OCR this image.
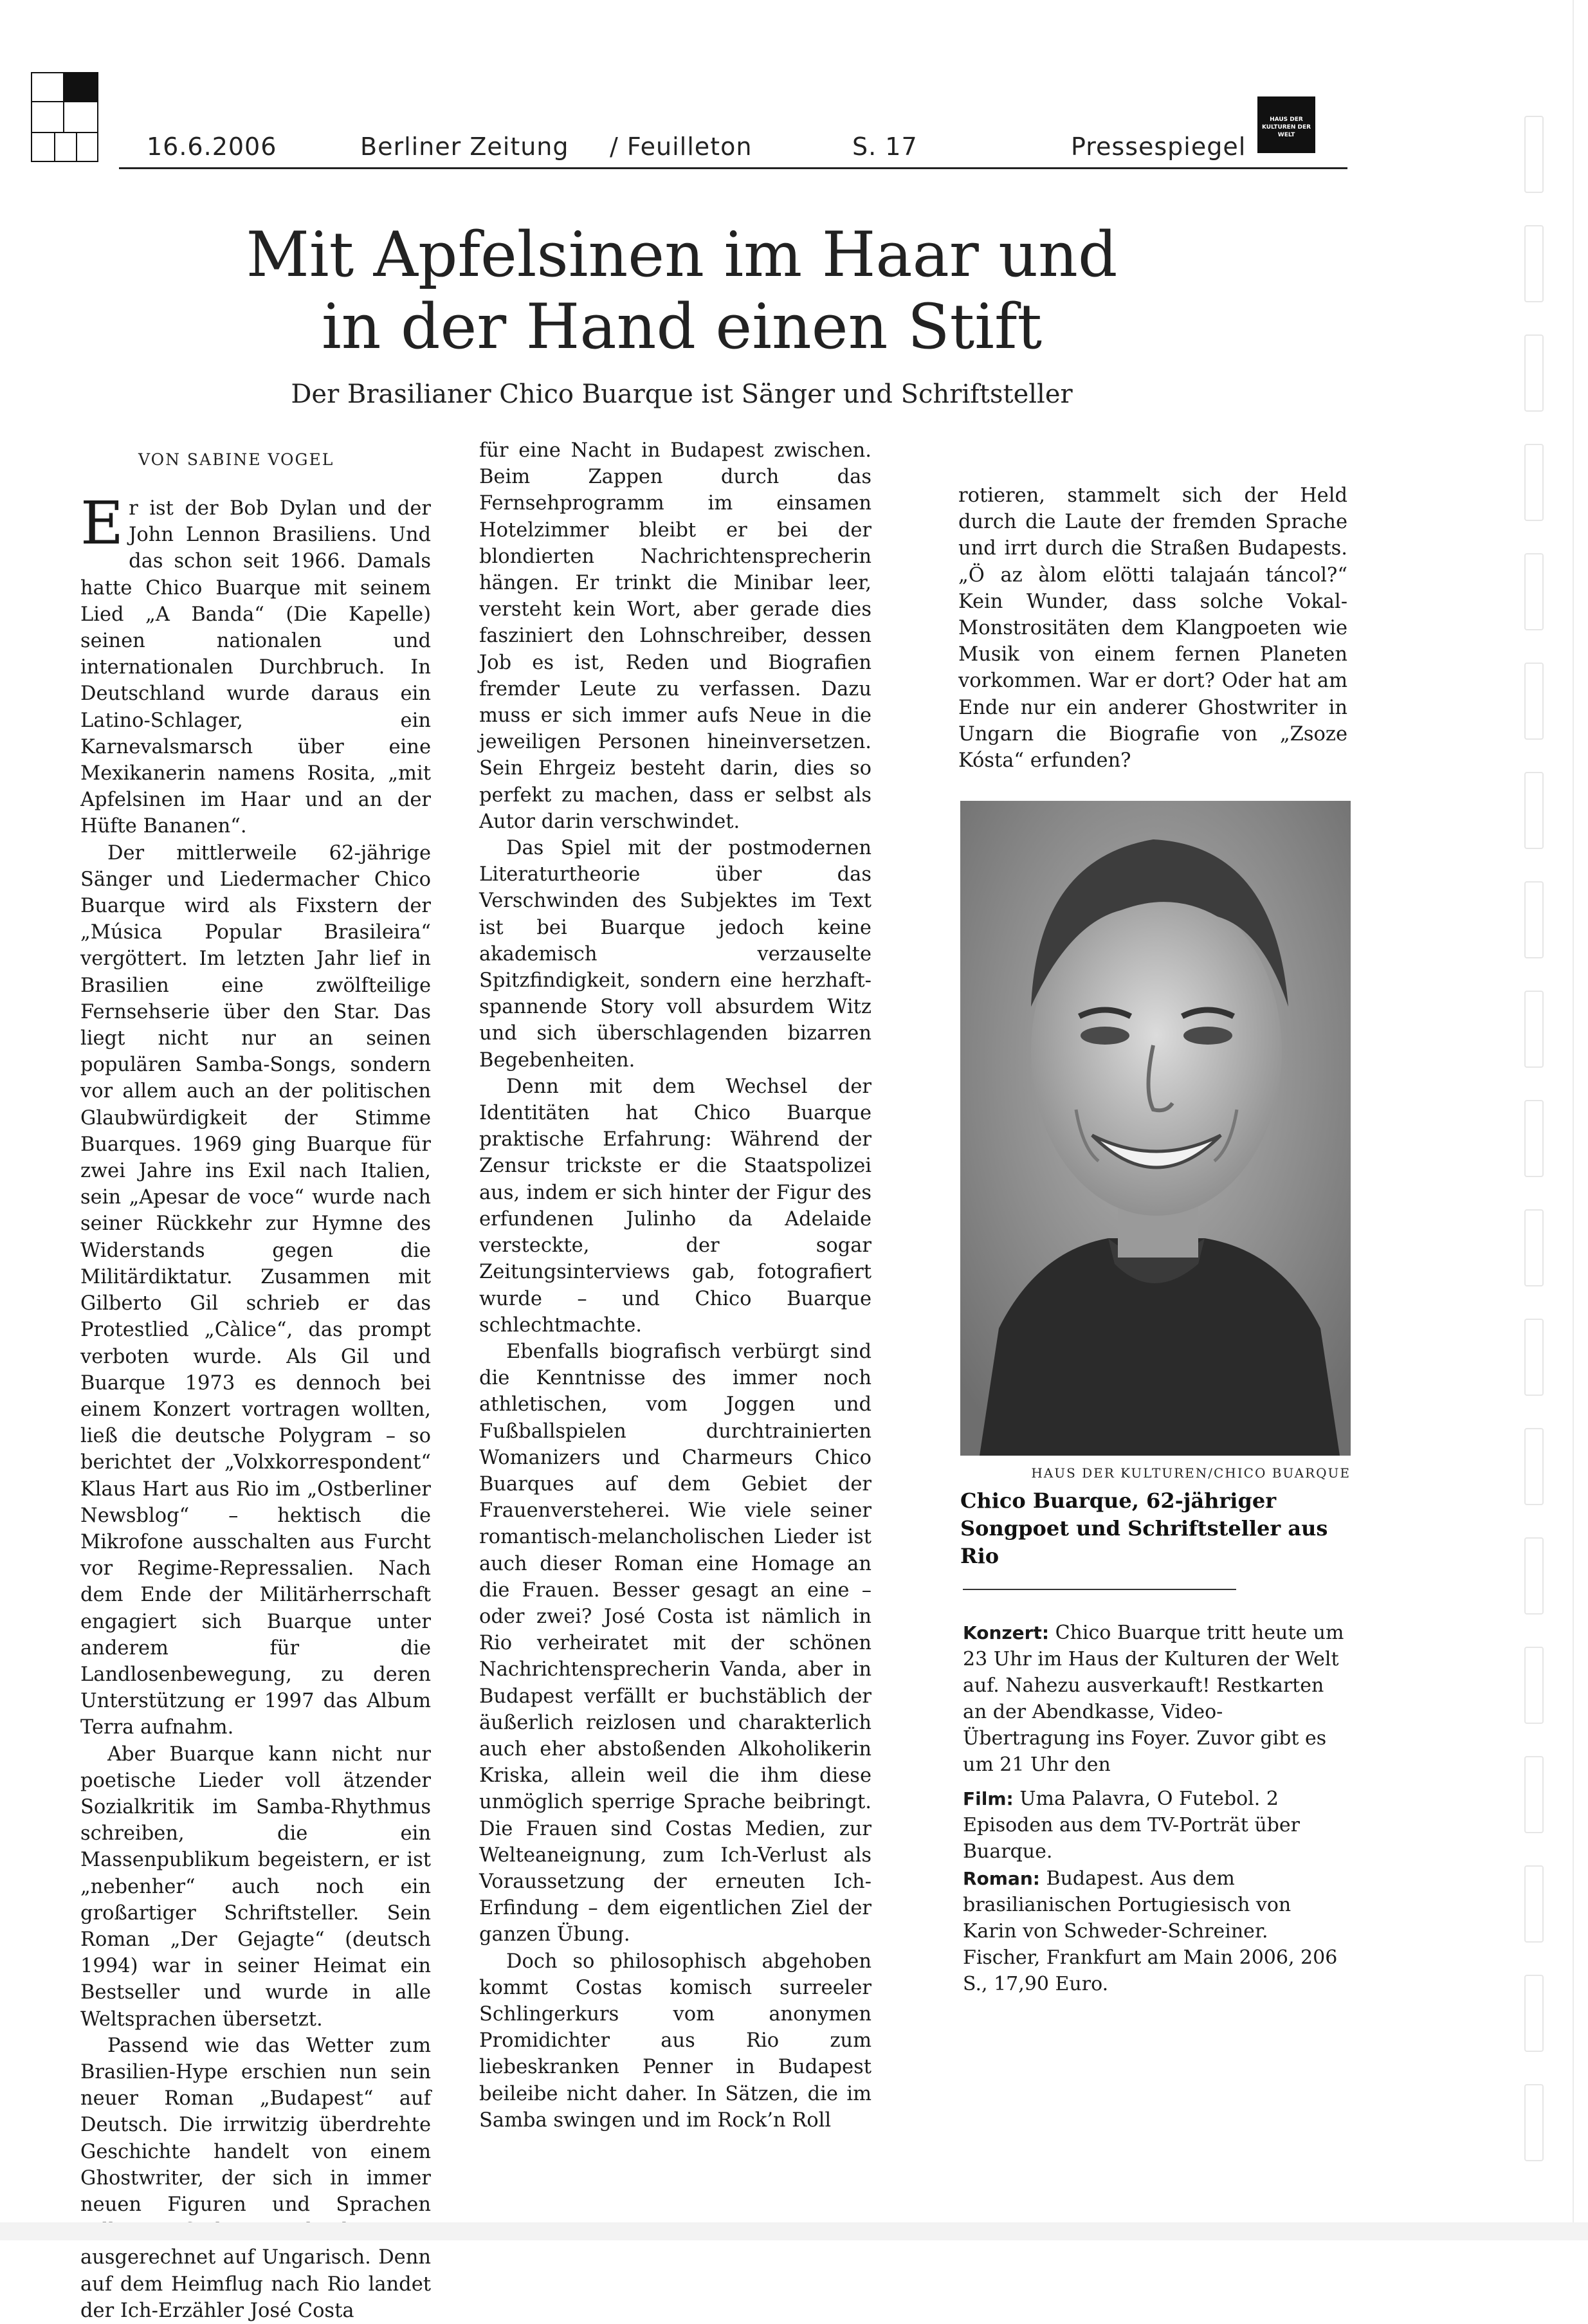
16.6.2006	Berliner Zeitung / Feuilleton	S. 17	Pressespiegel
HAUS DER KULTUREN DER WELT
Mit Apfelsinen im Haar und
in der Hand einen Stift
Der Brasilianer Chico Buarque ist Sänger und Schriftsteller
VON SABINE VOGEL

Er ist der Bob Dylan und der John Lennon Brasiliens. Und das schon seit 1966. Damals hatte Chico Buarque mit seinem Lied „A Banda“ (Die Kapelle) seinen nationalen und internationalen Durchbruch. In Deutschland wurde daraus ein Latino-Schlager, ein Karnevalsmarsch über eine Mexikanerin namens Rosita, „mit Apfelsinen im Haar und an der Hüfte Bananen“.

Der mittlerweile 62-jährige Sänger und Liedermacher Chico Buarque wird als Fixstern der „Música Popular Brasileira“ vergöttert. Im letzten Jahr lief in Brasilien eine zwölfteilige Fernsehserie über den Star. Das liegt nicht nur an seinen populären Samba-Songs, sondern vor allem auch an der politischen Glaubwürdigkeit der Stimme Buarques. 1969 ging Buarque für zwei Jahre ins Exil nach Italien, sein „Apesar de voce“ wurde nach seiner Rückkehr zur Hymne des Widerstands gegen die Militärdiktatur. Zusammen mit Gilberto Gil schrieb er das Protestlied „Càlice“, das prompt verboten wurde. Als Gil und Buarque 1973 es dennoch bei einem Konzert vortragen wollten, ließ die deutsche Polygram – so berichtet der „Volxkorrespondent“ Klaus Hart aus Rio im „Ostberliner Newsblog“ – hektisch die Mikrofone ausschalten aus Furcht vor Regime-Repressalien. Nach dem Ende der Militärherrschaft engagiert sich Buarque unter anderem für die Landlosenbewegung, zu deren Unterstützung er 1997 das Album Terra aufnahm.

Aber Buarque kann nicht nur poetische Lieder voll ätzender Sozialkritik im Samba-Rhythmus schreiben, die ein Massenpublikum begeistern, er ist „nebenher“ auch noch ein großartiger Schriftsteller. Sein Roman „Der Gejagte“ (deutsch 1994) war in seiner Heimat ein Bestseller und wurde in alle Weltsprachen übersetzt.

Passend wie das Wetter zum Brasilien-Hype erschien nun sein neuer Roman „Budapest“ auf Deutsch. Die irrwitzig überdrehte Geschichte handelt von einem Ghostwriter, der sich in immer neuen Figuren und Sprachen ausgerechnet auf Ungarisch. Denn auf dem Heimflug nach Rio landet der Ich-Erzähler José Costa

für eine Nacht in Budapest zwischen. Beim Zappen durch das Fernsehprogramm im einsamen Hotelzimmer bleibt er bei der blondierten Nachrichtensprecherin hängen. Er trinkt die Minibar leer, versteht kein Wort, aber gerade dies fasziniert den Lohnschreiber, dessen Job es ist, Reden und Biografien fremder Leute zu verfassen. Dazu muss er sich immer aufs Neue in die jeweiligen Personen hineinversetzen. Sein Ehrgeiz besteht darin, dies so perfekt zu machen, dass er selbst als Autor darin verschwindet.

Das Spiel mit der postmodernen Literaturtheorie über das Verschwinden des Subjektes im Text ist bei Buarque jedoch keine akademisch verzauselte Spitzfindigkeit, sondern eine herzhaft-spannende Story voll absurdem Witz und sich überschlagenden bizarren Begebenheiten.

Denn mit dem Wechsel der Identitäten hat Chico Buarque praktische Erfahrung: Während der Zensur trickste er die Staatspolizei aus, indem er sich hinter der Figur des erfundenen Julinho da Adelaide versteckte, der sogar Zeitungsinterviews gab, fotografiert wurde – und Chico Buarque schlechtmachte.

Ebenfalls biografisch verbürgt sind die Kenntnisse des immer noch athletischen, vom Joggen und Fußballspielen durchtrainierten Womanizers und Charmeurs Chico Buarques auf dem Gebiet der Frauenversteherei. Wie viele seiner romantisch-melancholischen Lieder ist auch dieser Roman eine Homage an die Frauen. Besser gesagt an eine – oder zwei? José Costa ist nämlich in Rio verheiratet mit der schönen Nachrichtensprecherin Vanda, aber in Budapest verfällt er buchstäblich der äußerlich reizlosen und charakterlich auch eher abstoßenden Alkoholikerin Kriska, allein weil die ihm diese unmöglich sperrige Sprache beibringt. Die Frauen sind Costas Medien, zur Welteaneignung, zum Ich-Verlust als Voraussetzung der erneuten Ich-Erfindung – dem eigentlichen Ziel der ganzen Übung.

Doch so philosophisch abgehoben kommt Costas komisch surreeler Schlingerkurs vom anonymen Promidichter aus Rio zum liebeskranken Penner in Budapest beileibe nicht daher. In Sätzen, die im Samba swingen und im Rock’n Roll

rotieren, stammelt sich der Held durch die Laute der fremden Sprache und irrt durch die Straßen Budapests. „Ö az àlom elötti talajaán táncol?“ Kein Wunder, dass solche Vokal-Monstrositäten dem Klangpoeten wie Musik von einem fernen Planeten vorkommen. War er dort? Oder hat am Ende nur ein anderer Ghostwriter in Ungarn die Biografie von „Zsoze Kósta“ erfunden?

HAUS DER KULTUREN/CHICO BUARQUE
Chico Buarque, 62-jähriger Songpoet und Schriftsteller aus Rio
Konzert: Chico Buarque tritt heute um 23 Uhr im Haus der Kulturen der Welt auf. Nahezu ausverkauft! Restkarten an der Abendkasse, Video-Übertragung ins Foyer. Zuvor gibt es um 21 Uhr den
Film: Uma Palavra, O Futebol. 2 Episoden aus dem TV-Porträt über Buarque.
Roman: Budapest. Aus dem brasilianischen Portugiesisch von Karin von Schweder-Schreiner. Fischer, Frankfurt am Main 2006, 206 S., 17,90 Euro.
